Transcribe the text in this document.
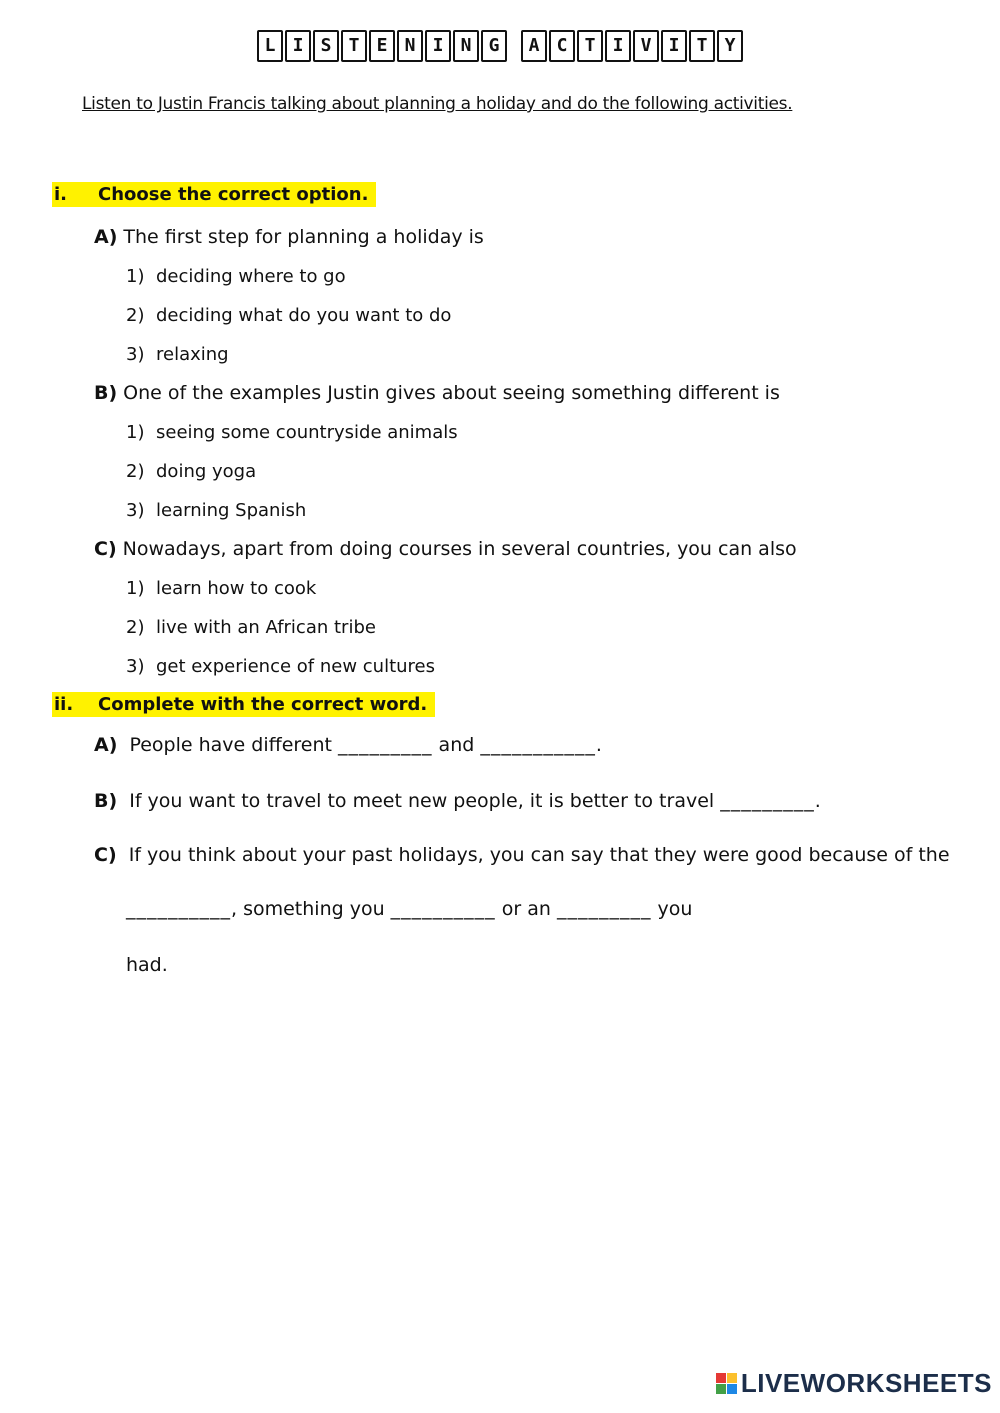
L I S T E N I N G	A C T I V I T Y
Listen to Justin Francis talking about planning a holiday and do the following activities.
i.	Choose the correct option.
A) The first step for planning a holiday is
1) deciding where to go
2) deciding what do you want to do
3) relaxing
B) One of the examples Justin gives about seeing something different is
1) seeing some countryside animals
2) doing yoga
3) learning Spanish
C) Nowadays, apart from doing courses in several countries, you can also
1) learn how to cook
2) live with an African tribe
3) get experience of new cultures
ii.	Complete with the correct word.
A) People have different _________ and ___________.
B) If you want to travel to meet new people, it is better to travel _________.
C) If you think about your past holidays, you can say that they were good because of the
__________, something you __________ or an _________ you
had.
LIVEWORKSHEETS
